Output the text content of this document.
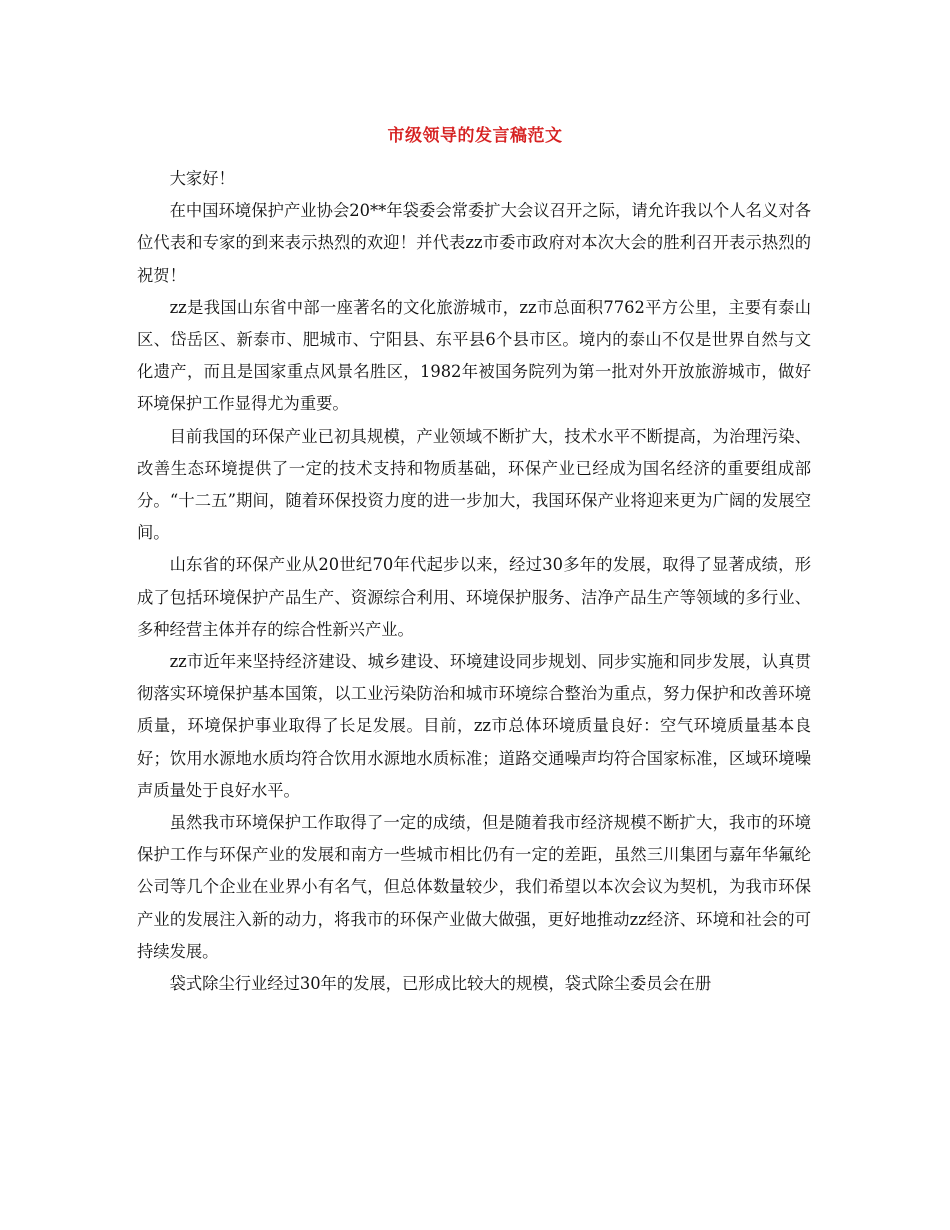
市级领导的发言稿范文

大家好！

在中国环境保护产业协会20**年袋委会常委扩大会议召开之际，请允许我以个人名义对各位代表和专家的到来表示热烈的欢迎！并代表zz市委市政府对本次大会的胜利召开表示热烈的祝贺！

zz是我国山东省中部一座著名的文化旅游城市，zz市总面积7762平方公里，主要有泰山区、岱岳区、新泰市、肥城市、宁阳县、东平县6个县市区。境内的泰山不仅是世界自然与文化遗产，而且是国家重点风景名胜区，1982年被国务院列为第一批对外开放旅游城市，做好环境保护工作显得尤为重要。

目前我国的环保产业已初具规模，产业领域不断扩大，技术水平不断提高，为治理污染、改善生态环境提供了一定的技术支持和物质基础，环保产业已经成为国名经济的重要组成部分。“十二五”期间，随着环保投资力度的进一步加大，我国环保产业将迎来更为广阔的发展空间。

山东省的环保产业从20世纪70年代起步以来，经过30多年的发展，取得了显著成绩，形成了包括环境保护产品生产、资源综合利用、环境保护服务、洁净产品生产等领域的多行业、多种经营主体并存的综合性新兴产业。

zz市近年来坚持经济建设、城乡建设、环境建设同步规划、同步实施和同步发展，认真贯彻落实环境保护基本国策，以工业污染防治和城市环境综合整治为重点，努力保护和改善环境质量，环境保护事业取得了长足发展。目前，zz市总体环境质量良好：空气环境质量基本良好；饮用水源地水质均符合饮用水源地水质标准；道路交通噪声均符合国家标准，区域环境噪声质量处于良好水平。

虽然我市环境保护工作取得了一定的成绩，但是随着我市经济规模不断扩大，我市的环境保护工作与环保产业的发展和南方一些城市相比仍有一定的差距，虽然三川集团与嘉年华氟纶公司等几个企业在业界小有名气，但总体数量较少，我们希望以本次会议为契机，为我市环保产业的发展注入新的动力，将我市的环保产业做大做强，更好地推动zz经济、环境和社会的可持续发展。

袋式除尘行业经过30年的发展，已形成比较大的规模，袋式除尘委员会在册
